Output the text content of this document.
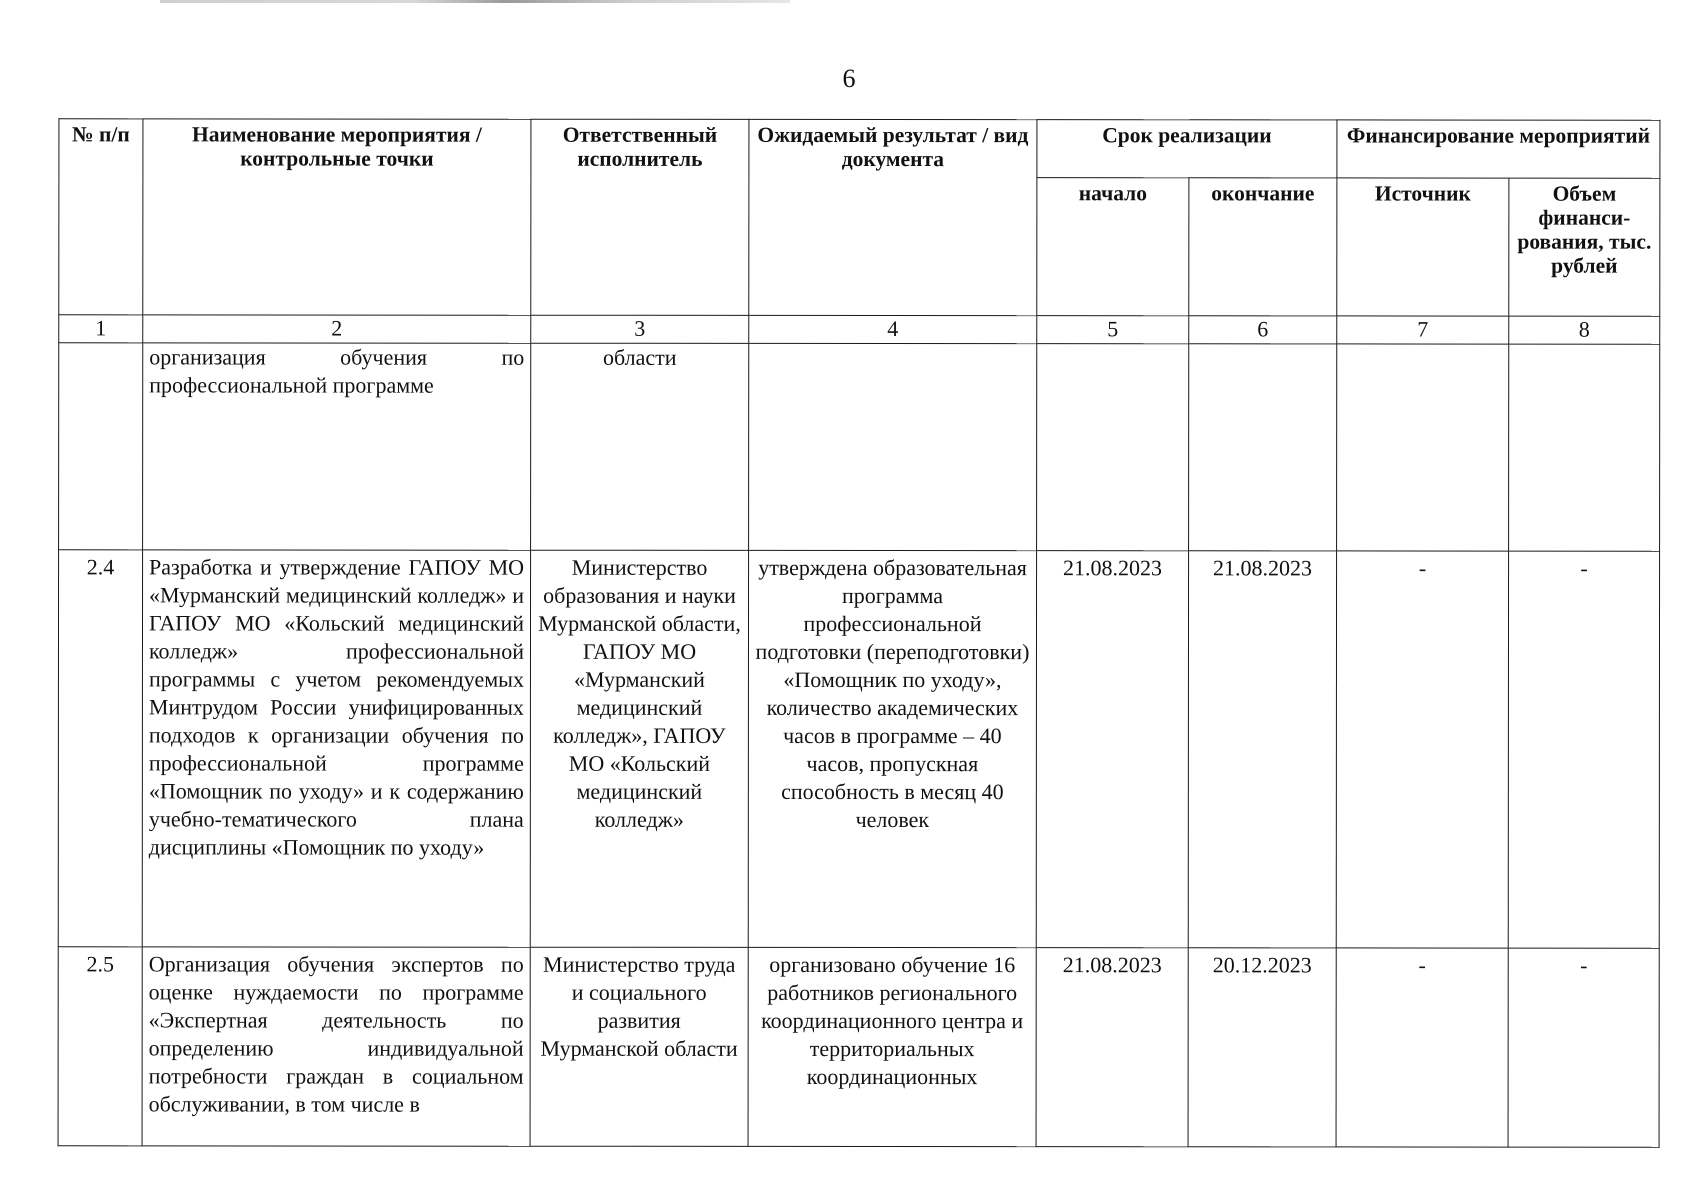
6
№ п/п	Наименование мероприятия / контрольные точки	Ответственный исполнитель	Ожидаемый результат / вид документа	Срок реализации		Финансирование мероприятий	
				начало	окончание	Источник	Объем финанси-рования, тыс. рублей
1	2	3	4	5	6	7	8
	организация обучения по профессиональной программе	области					
2.4	Разработка и утверждение ГАПОУ МО «Мурманский медицинский колледж» и ГАПОУ МО «Кольский медицинский колледж» профессиональной программы с учетом рекомендуемых Минтрудом России унифицированных подходов к организации обучения по профессиональной программе «Помощник по уходу» и к содержанию учебно-тематического плана дисциплины «Помощник по уходу»	Министерство образования и науки Мурманской области, ГАПОУ МО «Мурманский медицинский колледж», ГАПОУ МО «Кольский медицинский колледж»	утверждена образовательная программа профессиональной подготовки (переподготовки) «Помощник по уходу», количество академических часов в программе – 40 часов, пропускная способность в месяц 40 человек	21.08.2023	21.08.2023	-	-
2.5	Организация обучения экспертов по оценке нуждаемости по программе «Экспертная деятельность по определению индивидуальной потребности граждан в социальном обслуживании, в том числе в	Министерство труда и социального развития Мурманской области	организовано обучение 16 работников регионального координационного центра и территориальных координационных	21.08.2023	20.12.2023	-	-
